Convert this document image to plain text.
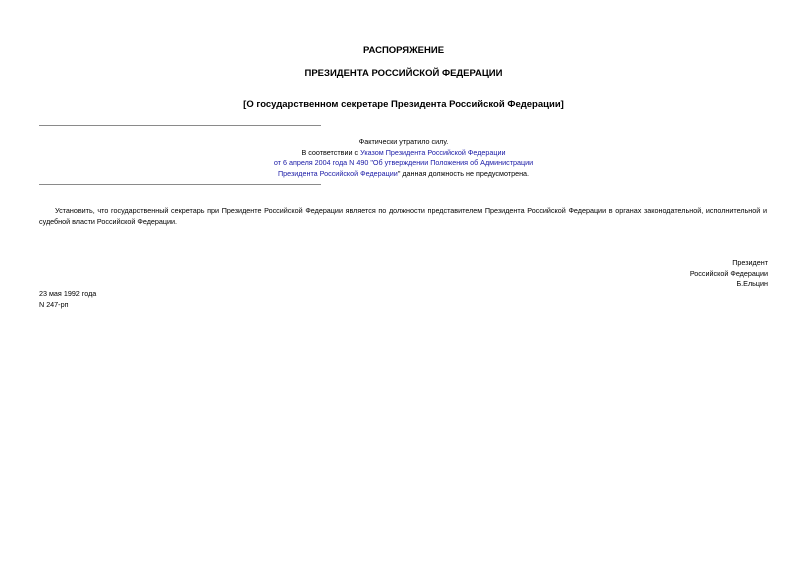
РАСПОРЯЖЕНИЕ
ПРЕЗИДЕНТА РОССИЙСКОЙ ФЕДЕРАЦИИ
[О государственном секретаре Президента Российской Федерации]
Фактически утратило силу.
В соответствии с Указом Президента Российской Федерации
от 6 апреля 2004 года N 490 "Об утверждении Положения об Администрации
Президента Российской Федерации" данная должность не предусмотрена.
Установить, что государственный секретарь при Президенте Российской Федерации является по должности представителем Президента Российской Федерации в органах законодательной, исполнительной и судебной власти Российской Федерации.
Президент
Российской Федерации
Б.Ельцин
23 мая 1992 года
N 247-рп
